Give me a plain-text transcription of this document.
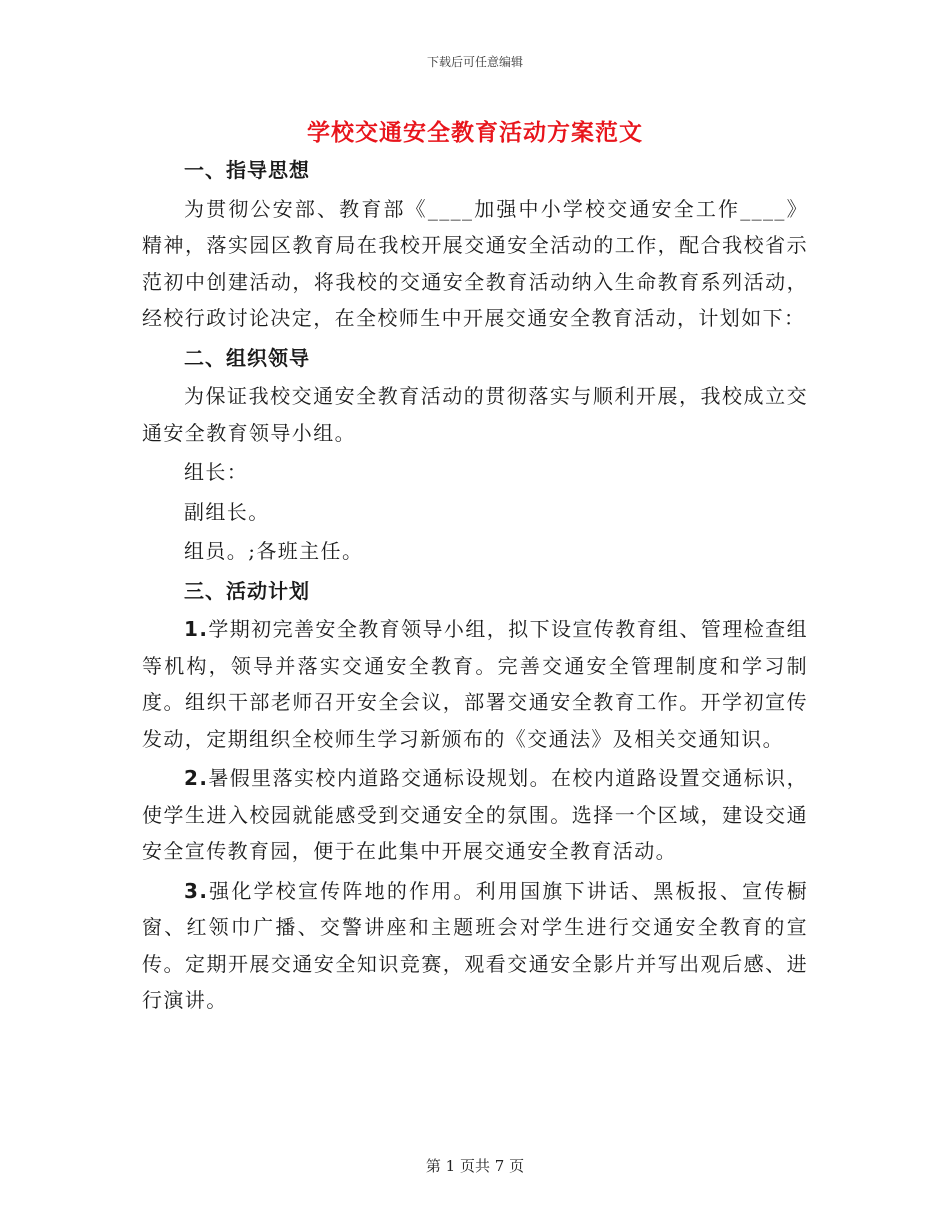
下载后可任意编辑
学校交通安全教育活动方案范文
一、指导思想

为贯彻公安部、教育部《____加强中小学校交通安全工作____》精神，落实园区教育局在我校开展交通安全活动的工作，配合我校省示范初中创建活动，将我校的交通安全教育活动纳入生命教育系列活动，经校行政讨论决定，在全校师生中开展交通安全教育活动，计划如下：

二、组织领导

为保证我校交通安全教育活动的贯彻落实与顺利开展，我校成立交通安全教育领导小组。

组长：

副组长。

组员。;各班主任。

三、活动计划

1.学期初完善安全教育领导小组，拟下设宣传教育组、管理检查组等机构，领导并落实交通安全教育。完善交通安全管理制度和学习制度。组织干部老师召开安全会议，部署交通安全教育工作。开学初宣传发动，定期组织全校师生学习新颁布的《交通法》及相关交通知识。

2.暑假里落实校内道路交通标设规划。在校内道路设置交通标识，使学生进入校园就能感受到交通安全的氛围。选择一个区域，建设交通安全宣传教育园，便于在此集中开展交通安全教育活动。

3.强化学校宣传阵地的作用。利用国旗下讲话、黑板报、宣传橱窗、红领巾广播、交警讲座和主题班会对学生进行交通安全教育的宣传。定期开展交通安全知识竞赛，观看交通安全影片并写出观后感、进行演讲。

第 1 页共 7 页
